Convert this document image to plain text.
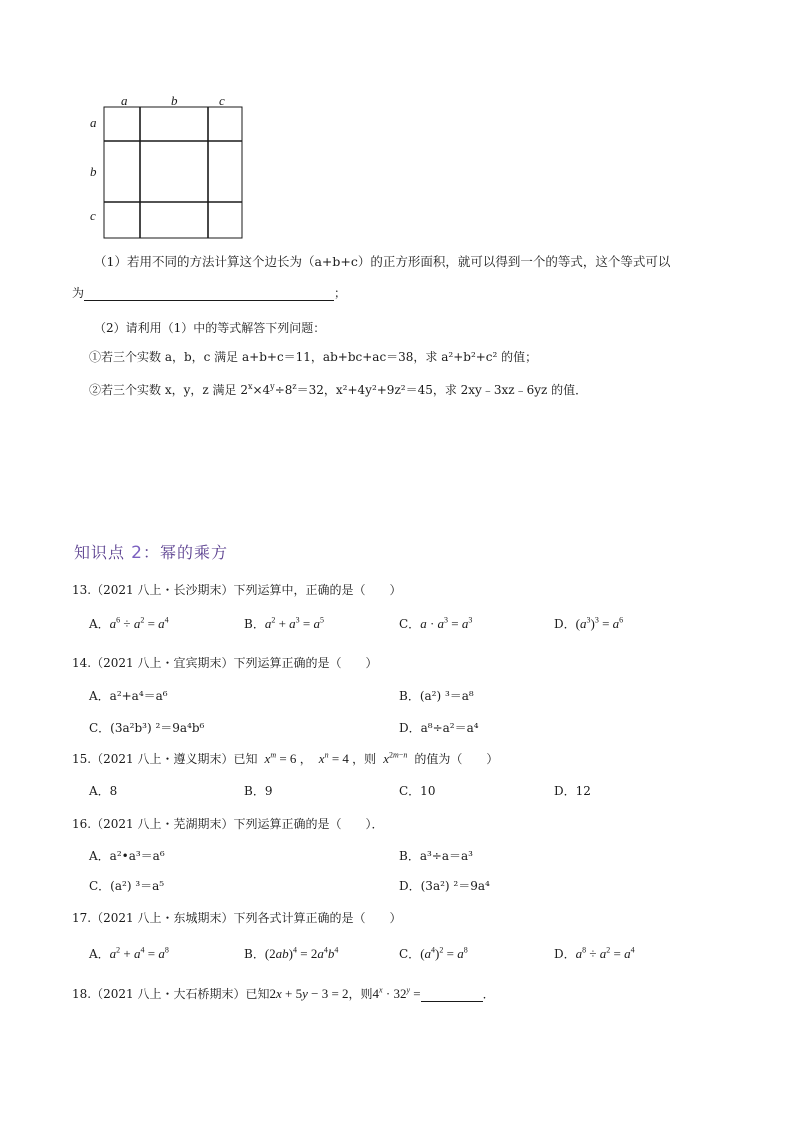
a	b	c
a
b
c
（1）若用不同的方法计算这个边长为（a+b+c）的正方形面积，就可以得到一个的等式，这个等式可以
为	；
（2）请利用（1）中的等式解答下列问题：
①若三个实数 a，b，c 满足 a+b+c＝11，ab+bc+ac＝38，求 a²+b²+c² 的值；
②若三个实数 x，y，z 满足 $2^x\times 4^y\div 8^z=32$，x²+4y²+9z²＝45，求 2xy﹣3xz﹣6yz 的值．
知识点 2：幂的乘方
13.（2021 八上・长沙期末）下列运算中，正确的是（　　）
A．$a^6 \div a^2 = a^4$	B．$a^2 + a^3 = a^5$	C．$a \cdot a^3 = a^3$	D．$(a^3)^3 = a^6$
14.（2021 八上・宜宾期末）下列运算正确的是（　　）
A．a²+a⁴＝a⁶	B．(a²) ³＝a⁸
C．(3a²b³) ²＝9a⁴b⁶	D．a⁸÷a²＝a⁴
15.（2021 八上・遵义期末）已知 $x^m = 6$ ， $x^n = 4$ ，则 $x^{2m-n}$ 的值为（　　）
A．8	B．9	C．10	D．12
16.（2021 八上・芜湖期末）下列运算正确的是（　　）．
A．a²•a³＝a⁶	B．a³÷a＝a³
C．(a²) ³＝a⁵	D．(3a²) ²＝9a⁴
17.（2021 八上・东城期末）下列各式计算正确的是（　　）
A．$a^2 + a^4 = a^8$	B．$(2ab)^4 = 2a^4b^4$	C．$(a^4)^2 = a^8$	D．$a^8 \div a^2 = a^4$
18.（2021 八上・大石桥期末）已知2x + 5y − 3 = 2，则$4^x \cdot 32^y$ =	．
